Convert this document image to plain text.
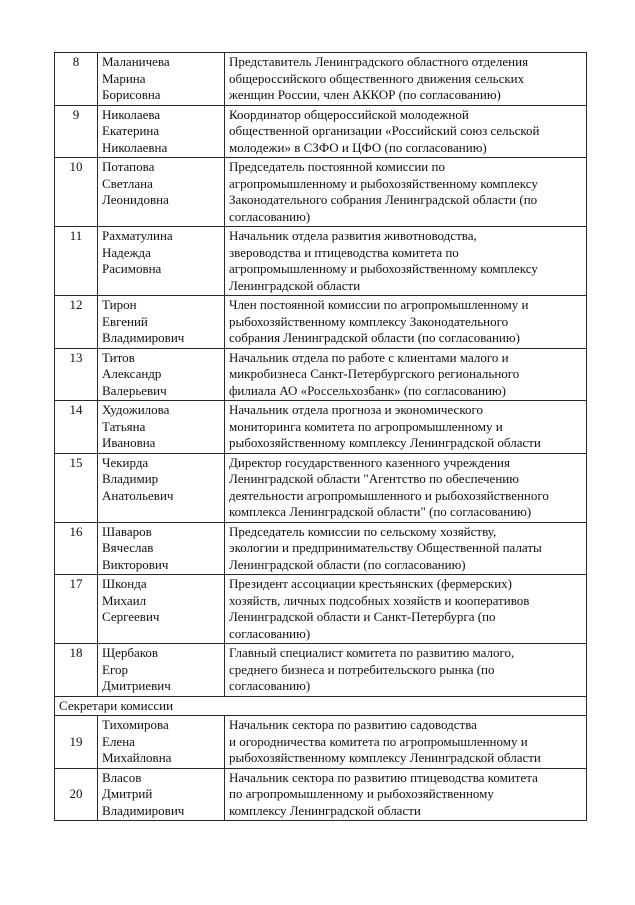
8	Маланичева
Марина
Борисовна	Представитель Ленинградского областного отделения
общероссийского общественного движения сельских
женщин России, член АККОР (по согласованию)

9	Николаева
Екатерина
Николаевна	Координатор общероссийской молодежной
общественной организации «Российский союз сельской
молодежи» в СЗФО и ЦФО (по согласованию)

10	Потапова
Светлана
Леонидовна	Председатель постоянной комиссии по
агропромышленному и рыбохозяйственному комплексу
Законодательного собрания Ленинградской области (по
согласованию)

11	Рахматулина
Надежда
Расимовна	Начальник отдела развития животноводства,
звероводства и птицеводства комитета по
агропромышленному и рыбохозяйственному комплексу
Ленинградской области

12	Тирон
Евгений
Владимирович	Член постоянной комиссии по агропромышленному и
рыбохозяйственному комплексу Законодательного
собрания Ленинградской области (по согласованию)

13	Титов
Александр
Валерьевич	Начальник отдела по работе с клиентами малого и
микробизнеса Санкт-Петербургского регионального
филиала АО «Россельхозбанк» (по согласованию)

14	Художилова
Татьяна
Ивановна	Начальник отдела прогноза и экономического
мониторинга комитета по агропромышленному и
рыбохозяйственному комплексу Ленинградской области

15	Чекирда
Владимир
Анатольевич	Директор государственного казенного учреждения
Ленинградской области "Агентство по обеспечению
деятельности агропромышленного и рыбохозяйственного
комплекса Ленинградской области" (по согласованию)

16	Шаваров
Вячеслав
Викторович	Председатель комиссии по сельскому хозяйству,
экологии и предпринимательству Общественной палаты
Ленинградской области (по согласованию)

17	Шконда
Михаил
Сергеевич	Президент ассоциации крестьянских (фермерских)
хозяйств, личных подсобных хозяйств и кооперативов
Ленинградской области и Санкт-Петербурга (по
согласованию)

18	Щербаков
Егор
Дмитриевич	Главный специалист комитета по развитию малого,
среднего бизнеса и потребительского рынка (по
согласованию)

Секретари комиссии		
19	Тихомирова
Елена
Михайловна	Начальник сектора по развитию садоводства
и огородничества комитета по агропромышленному и
рыбохозяйственному комплексу Ленинградской области

20	Власов
Дмитрий
Владимирович	Начальник сектора по развитию птицеводства комитета
по агропромышленному и рыбохозяйственному
комплексу Ленинградской области
